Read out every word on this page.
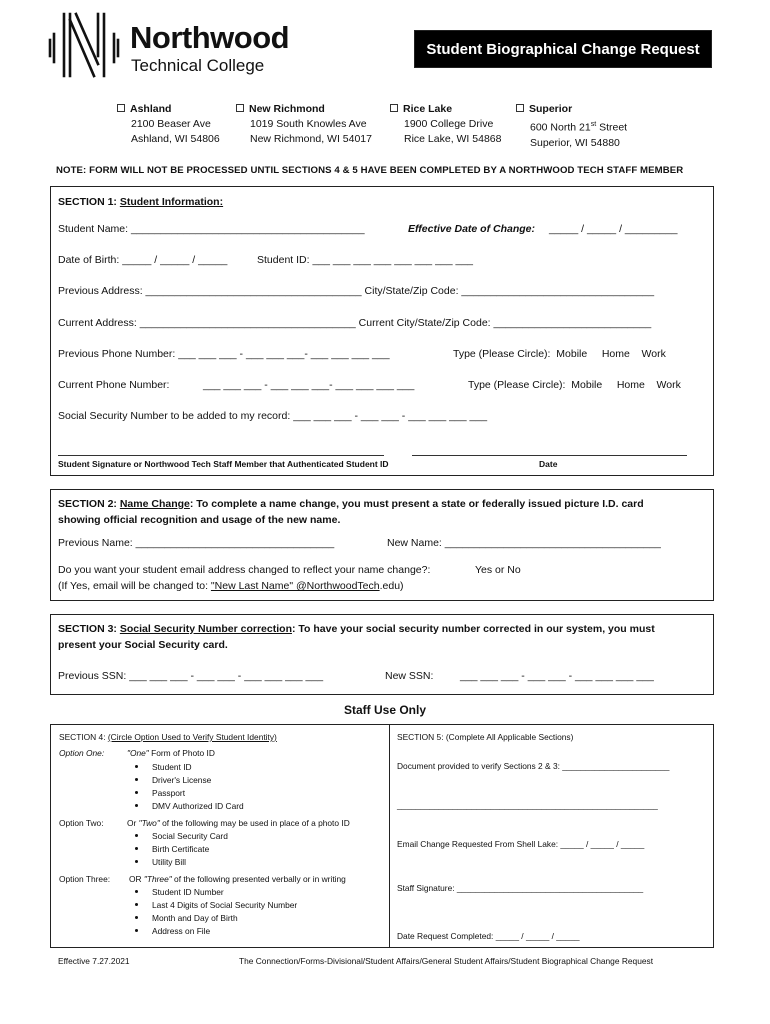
Northwood
Technical College
Student Biographical Change Request
Ashland
2100 Beaser Ave
Ashland, WI 54806
New Richmond
1019 South Knowles Ave
New Richmond, WI 54017
Rice Lake
1900 College Drive
Rice Lake, WI 54868
Superior
600 North 21st Street
Superior, WI 54880
NOTE: FORM WILL NOT BE PROCESSED UNTIL SECTIONS 4 & 5 HAVE BEEN COMPLETED BY A NORTHWOOD TECH STAFF MEMBER
SECTION 1: Student Information:
Student Name: ________________________________________	Effective Date of Change: _____ / _____ / _________
Date of Birth: _____ / _____ / _____	Student ID: ___ ___ ___ ___ ___ ___ ___ ___
Previous Address: _____________________________________ City/State/Zip Code: _________________________________
Current Address: _____________________________________ Current City/State/Zip Code: ___________________________
Previous Phone Number: ___ ___ ___ - ___ ___ ___- ___ ___ ___ ___	Type (Please Circle): Mobile Home Work
Current Phone Number:	___ ___ ___ - ___ ___ ___- ___ ___ ___ ___	Type (Please Circle): Mobile Home Work
Social Security Number to be added to my record: ___ ___ ___ - ___ ___ - ___ ___ ___ ___
Student Signature or Northwood Tech Staff Member that Authenticated Student ID	Date
SECTION 2: Name Change: To complete a name change, you must present a state or federally issued picture I.D. card
showing official recognition and usage of the new name.
Previous Name: __________________________________	New Name: _____________________________________
Do you want your student email address changed to reflect your name change?:	Yes or No
(If Yes, email will be changed to: "New Last Name" @NorthwoodTech.edu)
SECTION 3: Social Security Number correction: To have your social security number corrected in our system, you must
present your Social Security card.
Previous SSN: ___ ___ ___ - ___ ___ - ___ ___ ___ ___	New SSN:	___ ___ ___ - ___ ___ - ___ ___ ___ ___
Staff Use Only
SECTION 4: (Circle Option Used to Verify Student Identity)
Option One:	"One" Form of Photo ID
Student ID
Driver's License
Passport
DMV Authorized ID Card
Option Two:	Or "Two" of the following may be used in place of a photo ID
Social Security Card
Birth Certificate
Utility Bill
Option Three: OR "Three" of the following presented verbally or in writing
Student ID Number
Last 4 Digits of Social Security Number
Month and Day of Birth
Address on File
SECTION 5: (Complete All Applicable Sections)
Document provided to verify Sections 2 & 3: _______________________
________________________________________________________
Email Change Requested From Shell Lake: _____ / _____ / _____
Staff Signature: ________________________________________
Date Request Completed: _____ / _____ / _____
Effective 7.27.2021	The Connection/Forms-Divisional/Student Affairs/General Student Affairs/Student Biographical Change Request
